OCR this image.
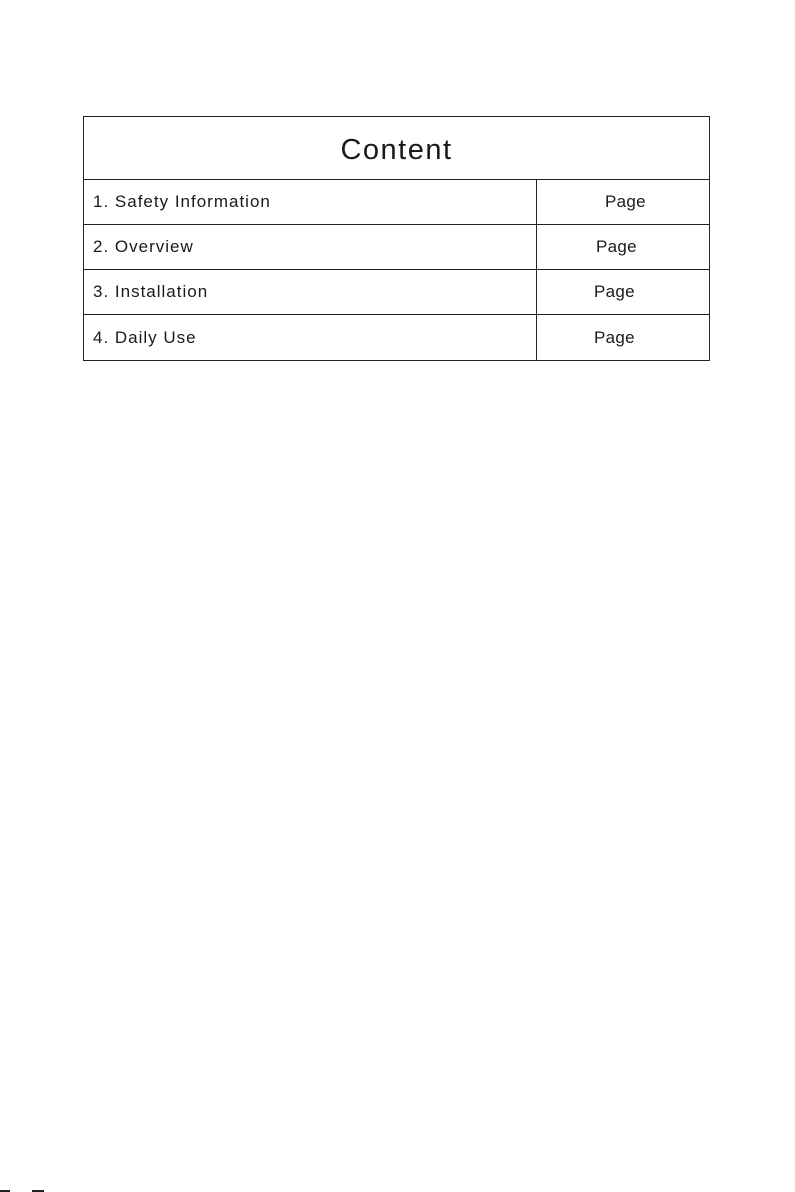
Content
1. Safety Information	Page
2. Overview	Page
3. Installation	Page
4. Daily Use	Page
